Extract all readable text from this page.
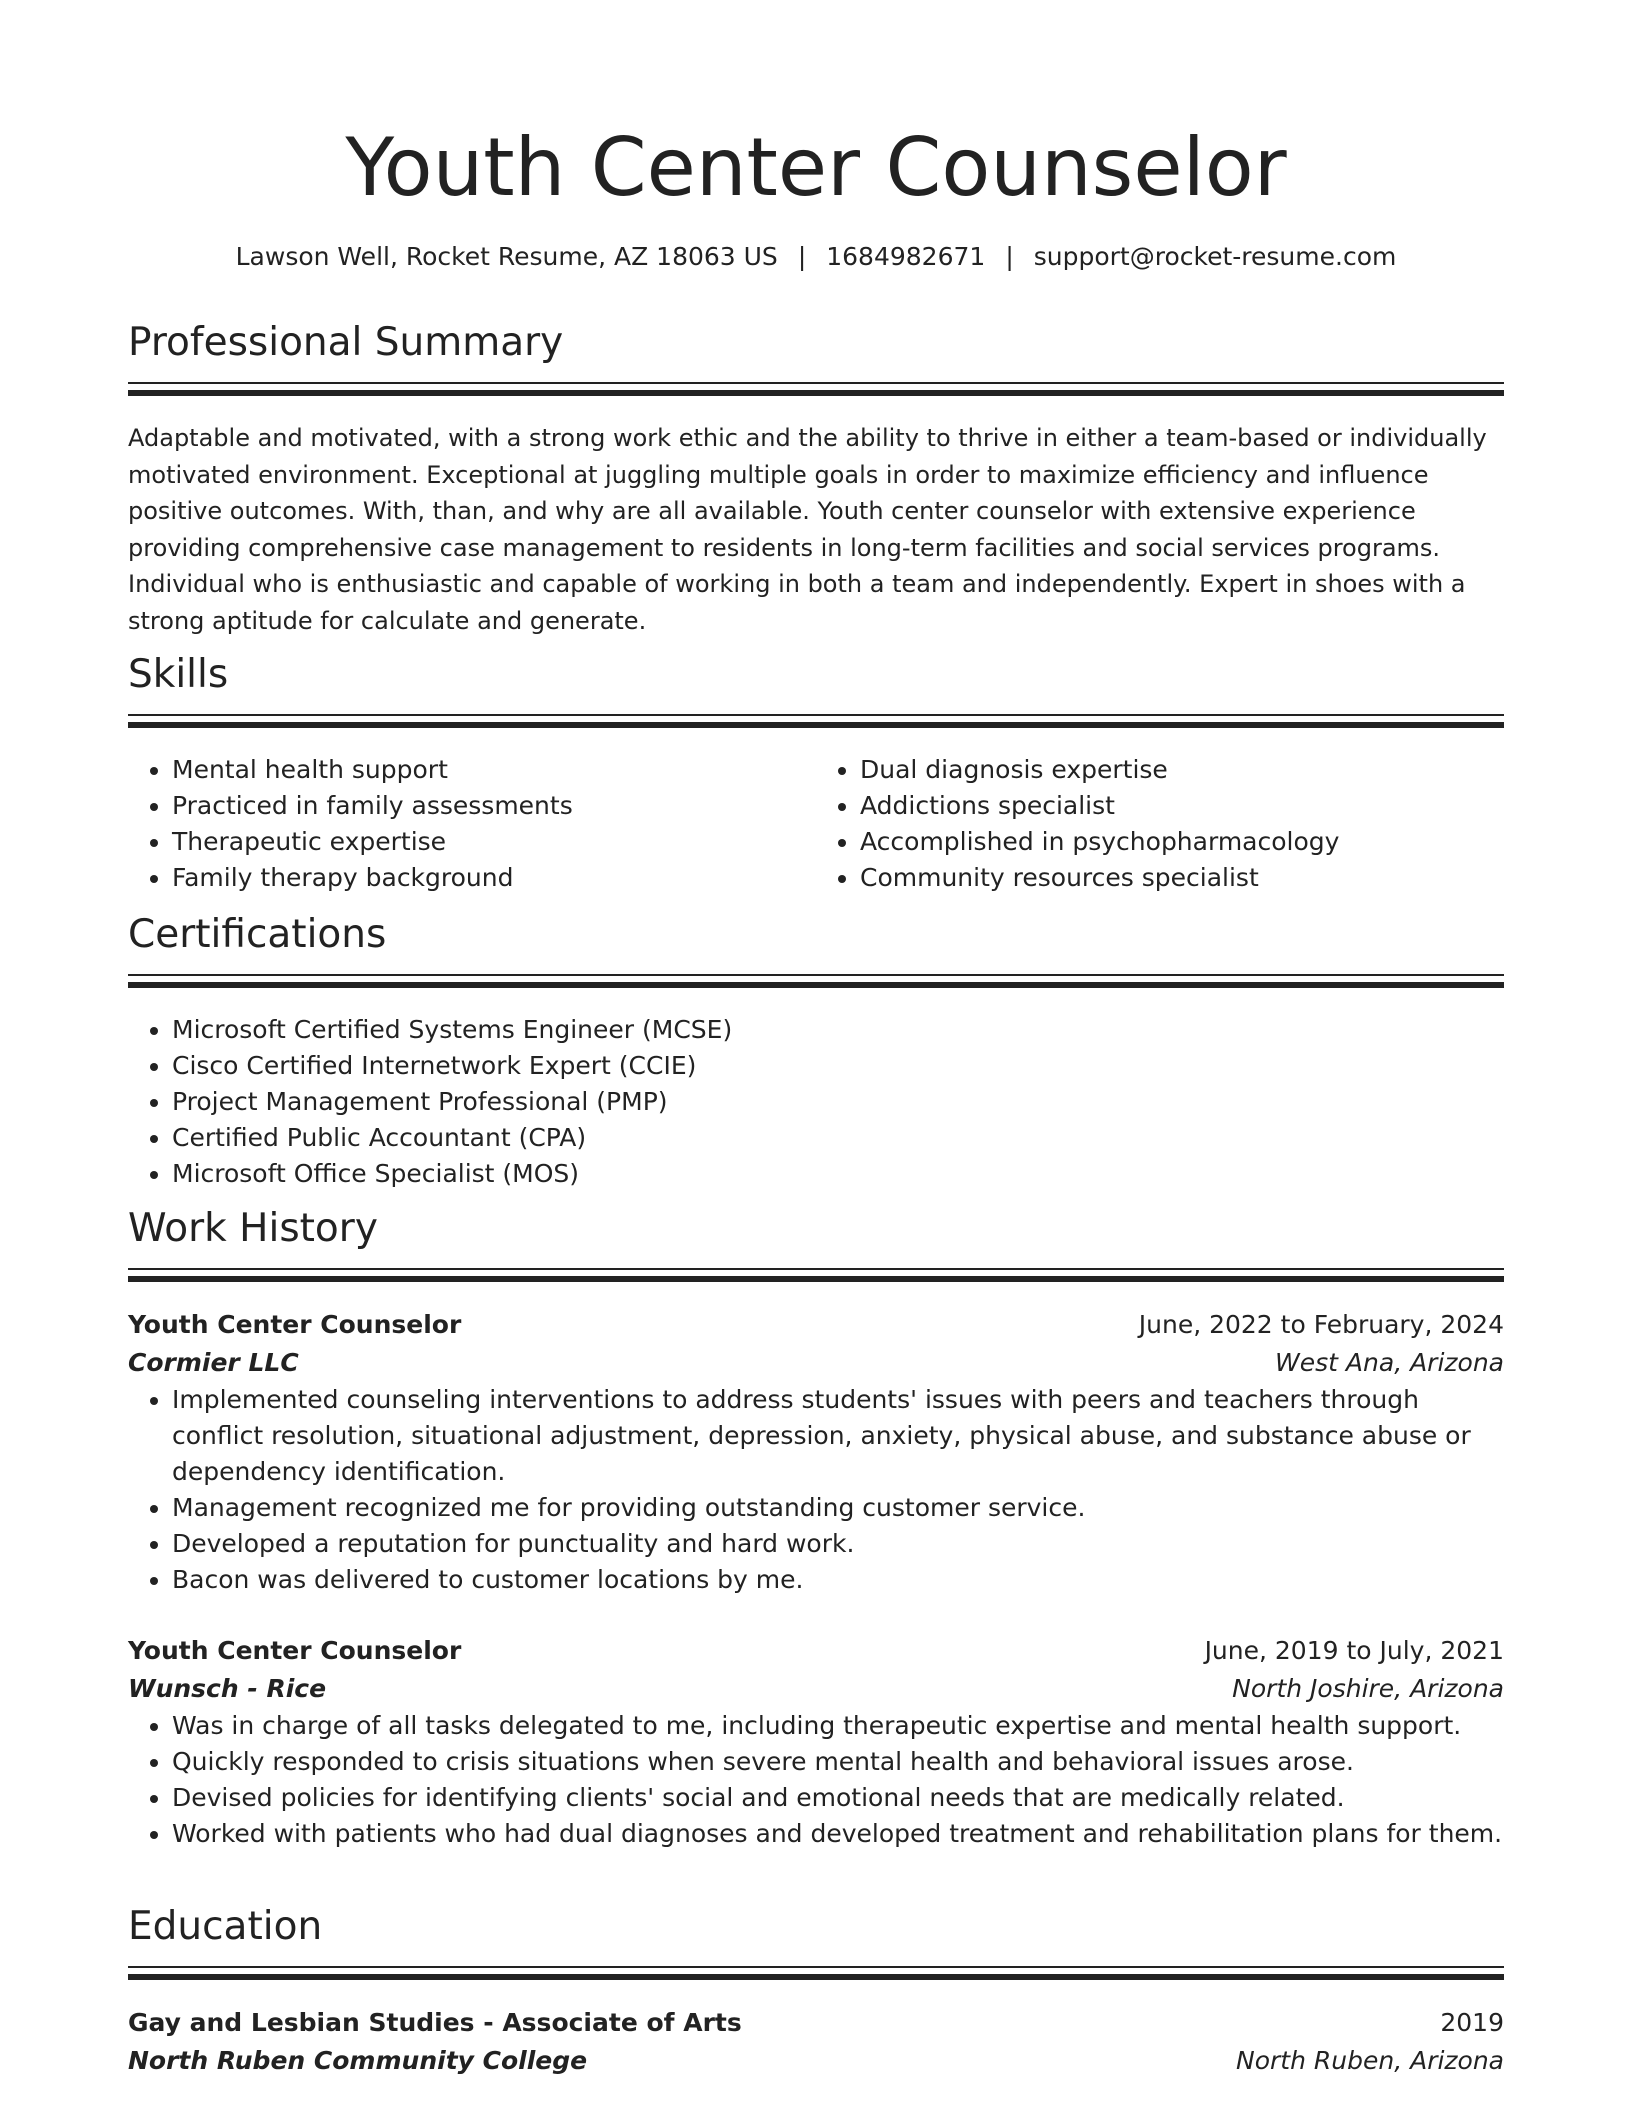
Youth Center Counselor
Lawson Well, Rocket Resume, AZ 18063 US | 1684982671 | support@rocket-resume.com
Professional Summary

Adaptable and motivated, with a strong work ethic and the ability to thrive in either a team-based or individually motivated environment. Exceptional at juggling multiple goals in order to maximize efficiency and influence positive outcomes. With, than, and why are all available. Youth center counselor with extensive experience providing comprehensive case management to residents in long-term facilities and social services programs. Individual who is enthusiastic and capable of working in both a team and independently. Expert in shoes with a strong aptitude for calculate and generate.

Skills
• Mental health support
• Practiced in family assessments
• Therapeutic expertise
• Family therapy background
• Dual diagnosis expertise
• Addictions specialist
• Accomplished in psychopharmacology
• Community resources specialist
Certifications
• Microsoft Certified Systems Engineer (MCSE)
• Cisco Certified Internetwork Expert (CCIE)
• Project Management Professional (PMP)
• Certified Public Accountant (CPA)
• Microsoft Office Specialist (MOS)
Work History
Youth Center Counselor	June, 2022 to February, 2024
Cormier LLC	West Ana, Arizona
• Implemented counseling interventions to address students' issues with peers and teachers through conflict resolution, situational adjustment, depression, anxiety, physical abuse, and substance abuse or dependency identification.
• Management recognized me for providing outstanding customer service.
• Developed a reputation for punctuality and hard work.
• Bacon was delivered to customer locations by me.
Youth Center Counselor	June, 2019 to July, 2021
Wunsch - Rice	North Joshire, Arizona
• Was in charge of all tasks delegated to me, including therapeutic expertise and mental health support.
• Quickly responded to crisis situations when severe mental health and behavioral issues arose.
• Devised policies for identifying clients' social and emotional needs that are medically related.
• Worked with patients who had dual diagnoses and developed treatment and rehabilitation plans for them.
Education
Gay and Lesbian Studies - Associate of Arts	2019
North Ruben Community College	North Ruben, Arizona
